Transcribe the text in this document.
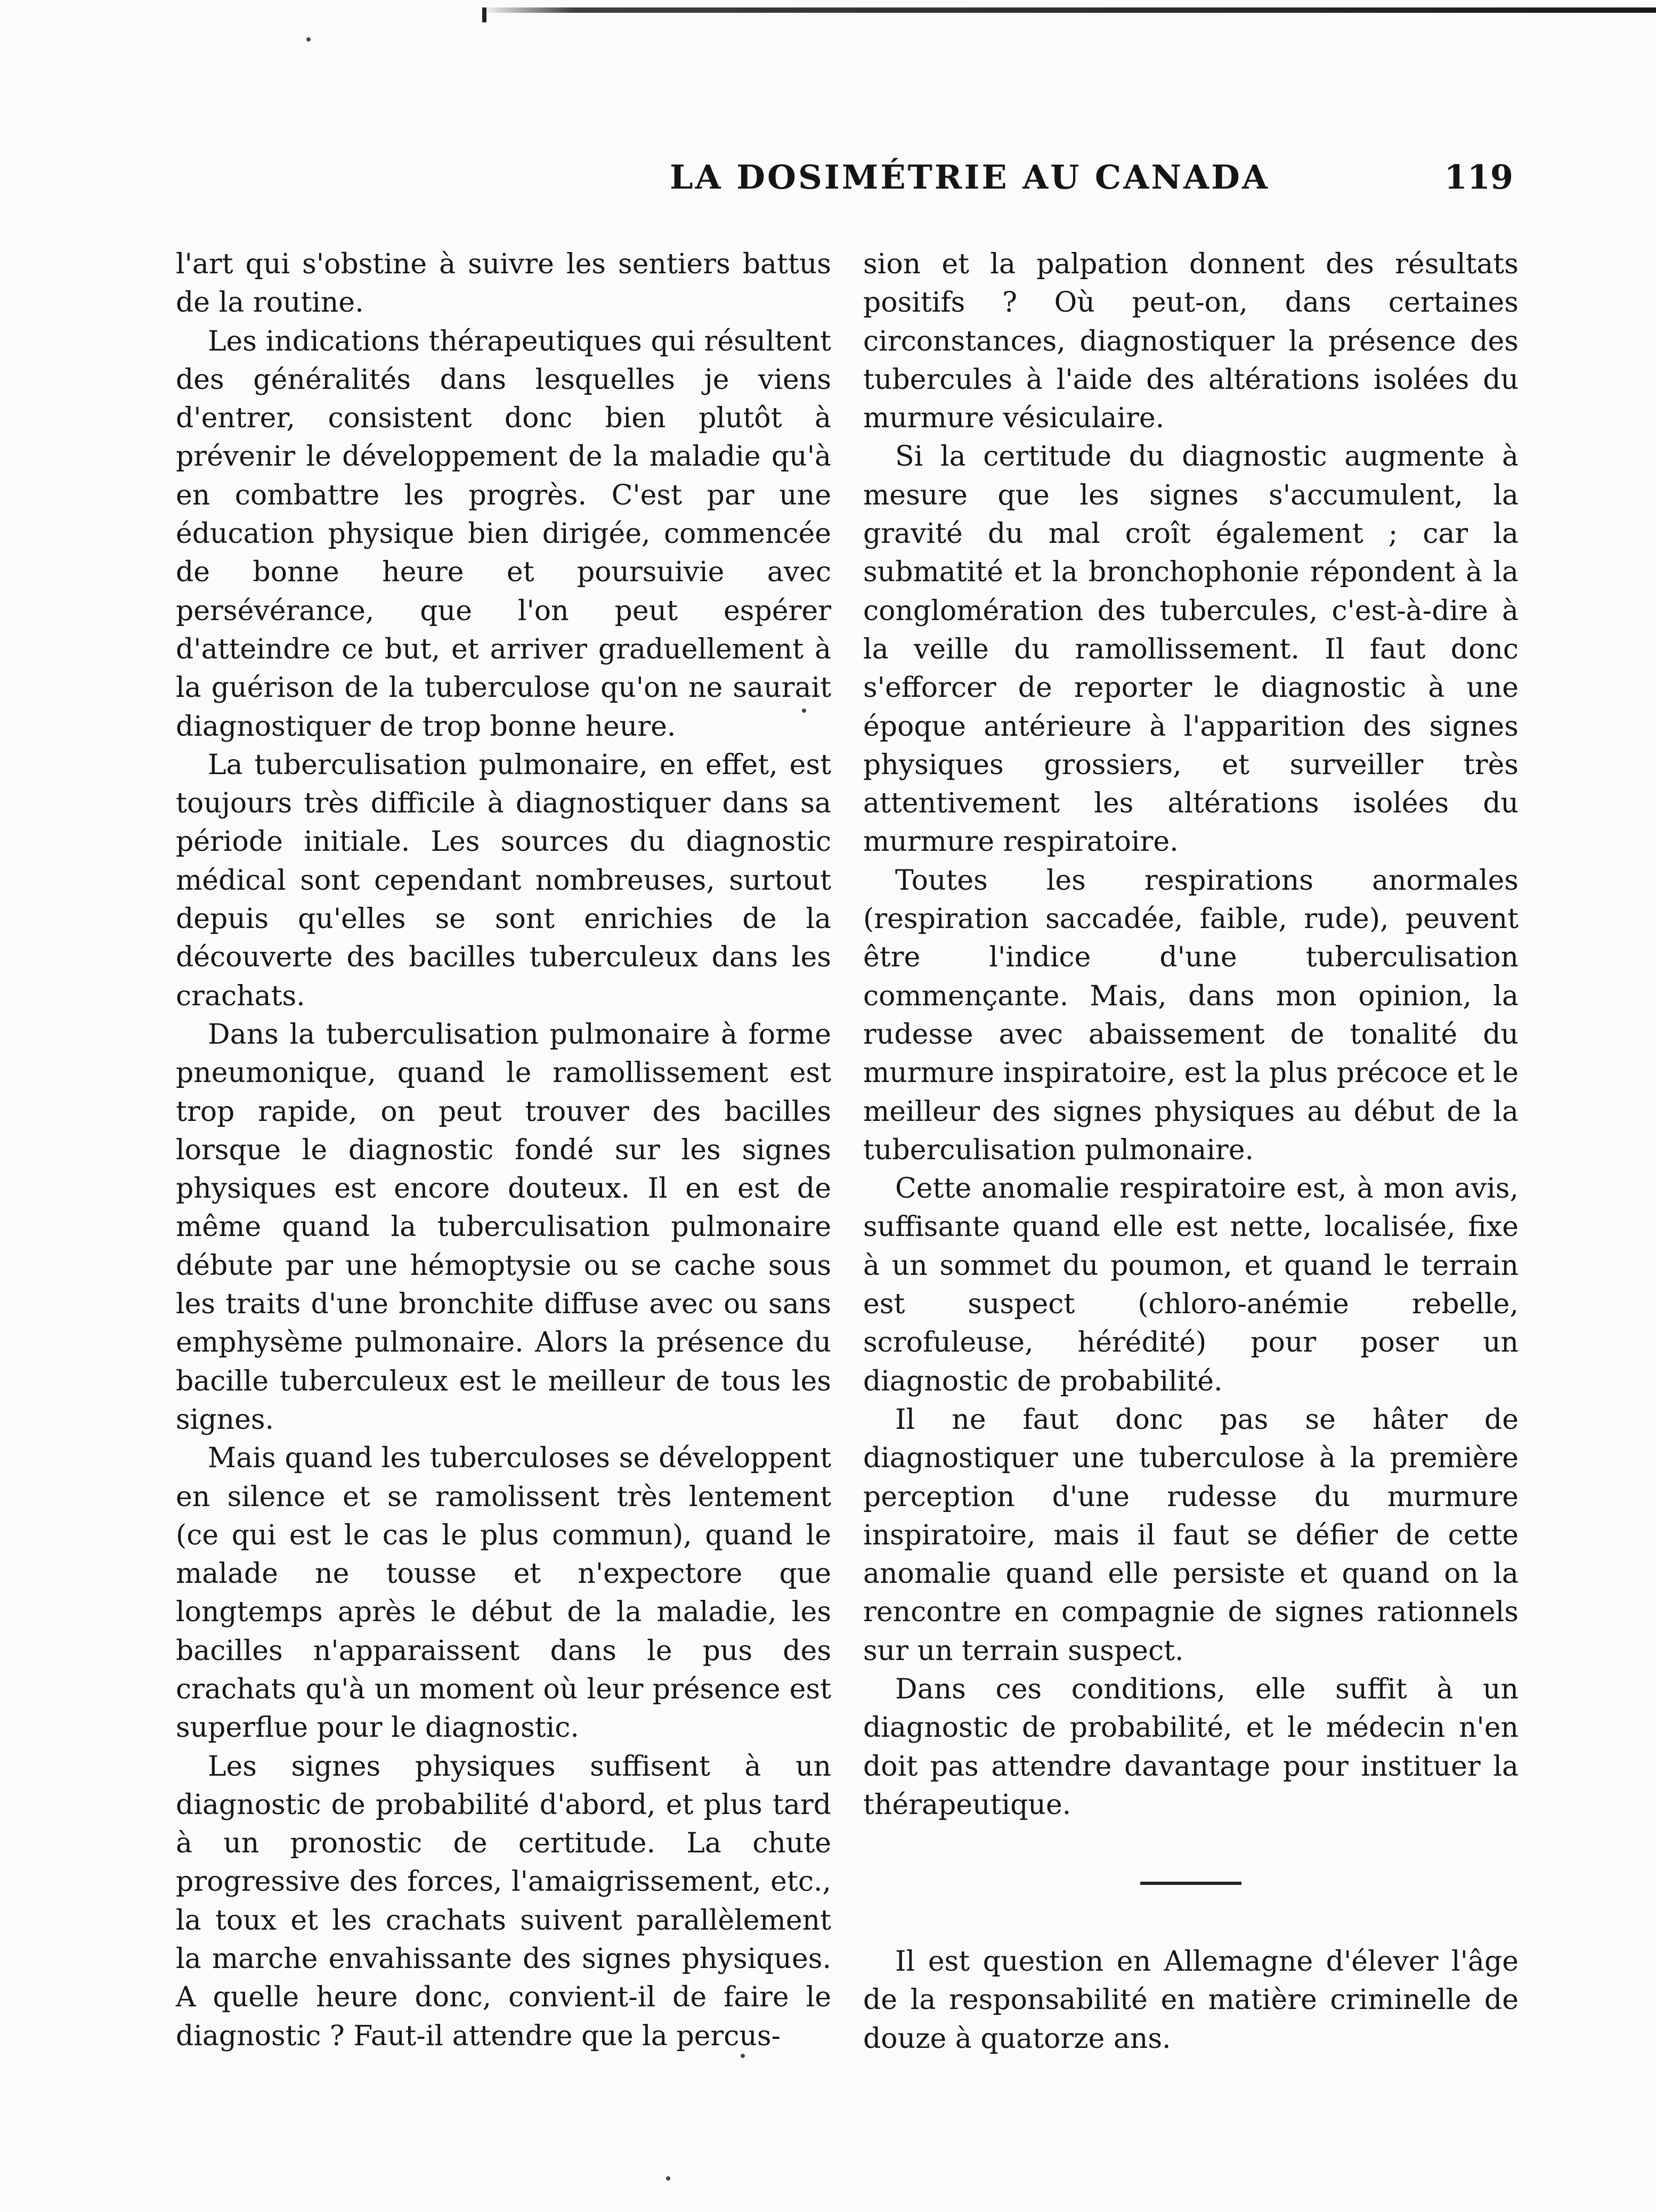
LA DOSIMÉTRIE AU CANADA	119

l'art qui s'obstine à suivre les sentiers battus de la routine.

Les indications thérapeutiques qui résultent des généralités dans lesquelles je viens d'entrer, consistent donc bien plutôt à prévenir le développement de la maladie qu'à en combattre les progrès. C'est par une éducation physique bien dirigée, commencée de bonne heure et poursuivie avec persévérance, que l'on peut espérer d'atteindre ce but, et arriver graduellement à la guérison de la tuberculose qu'on ne saurait diagnostiquer de trop bonne heure.

La tuberculisation pulmonaire, en effet, est toujours très difficile à diagnostiquer dans sa période initiale. Les sources du diagnostic médical sont cependant nombreuses, surtout depuis qu'elles se sont enrichies de la découverte des bacilles tuberculeux dans les crachats.

Dans la tuberculisation pulmonaire à forme pneumonique, quand le ramollissement est trop rapide, on peut trouver des bacilles lorsque le diagnostic fondé sur les signes physiques est encore douteux. Il en est de même quand la tuberculisation pulmonaire débute par une hémoptysie ou se cache sous les traits d'une bronchite diffuse avec ou sans emphysème pulmonaire. Alors la présence du bacille tuberculeux est le meilleur de tous les signes.

Mais quand les tuberculoses se développent en silence et se ramolissent très lentement (ce qui est le cas le plus commun), quand le malade ne tousse et n'expectore que longtemps après le début de la maladie, les bacilles n'apparaissent dans le pus des crachats qu'à un moment où leur présence est superflue pour le diagnostic.

Les signes physiques suffisent à un diagnostic de probabilité d'abord, et plus tard à un pronostic de certitude. La chute progressive des forces, l'amaigrissement, etc., la toux et les crachats suivent parallèlement la marche envahissante des signes physiques. A quelle heure donc, convient-il de faire le diagnostic ? Faut-il attendre que la percus-

sion et la palpation donnent des résultats positifs ? Où peut-on, dans certaines circonstances, diagnostiquer la présence des tubercules à l'aide des altérations isolées du murmure vésiculaire.

Si la certitude du diagnostic augmente à mesure que les signes s'accumulent, la gravité du mal croît également ; car la submatité et la bronchophonie répondent à la conglomération des tubercules, c'est-à-dire à la veille du ramollissement. Il faut donc s'efforcer de reporter le diagnostic à une époque antérieure à l'apparition des signes physiques grossiers, et surveiller très attentivement les altérations isolées du murmure respiratoire.

Toutes les respirations anormales (respiration saccadée, faible, rude), peuvent être l'indice d'une tuberculisation commençante. Mais, dans mon opinion, la rudesse avec abaissement de tonalité du murmure inspiratoire, est la plus précoce et le meilleur des signes physiques au début de la tuberculisation pulmonaire.

Cette anomalie respiratoire est, à mon avis, suffisante quand elle est nette, localisée, fixe à un sommet du poumon, et quand le terrain est suspect (chloro-anémie rebelle, scrofuleuse, hérédité) pour poser un diagnostic de probabilité.

Il ne faut donc pas se hâter de diagnostiquer une tuberculose à la première perception d'une rudesse du murmure inspiratoire, mais il faut se défier de cette anomalie quand elle persiste et quand on la rencontre en compagnie de signes rationnels sur un terrain suspect.

Dans ces conditions, elle suffit à un diagnostic de probabilité, et le médecin n'en doit pas attendre davantage pour instituer la thérapeutique.

Il est question en Allemagne d'élever l'âge de la responsabilité en matière criminelle de douze à quatorze ans.
